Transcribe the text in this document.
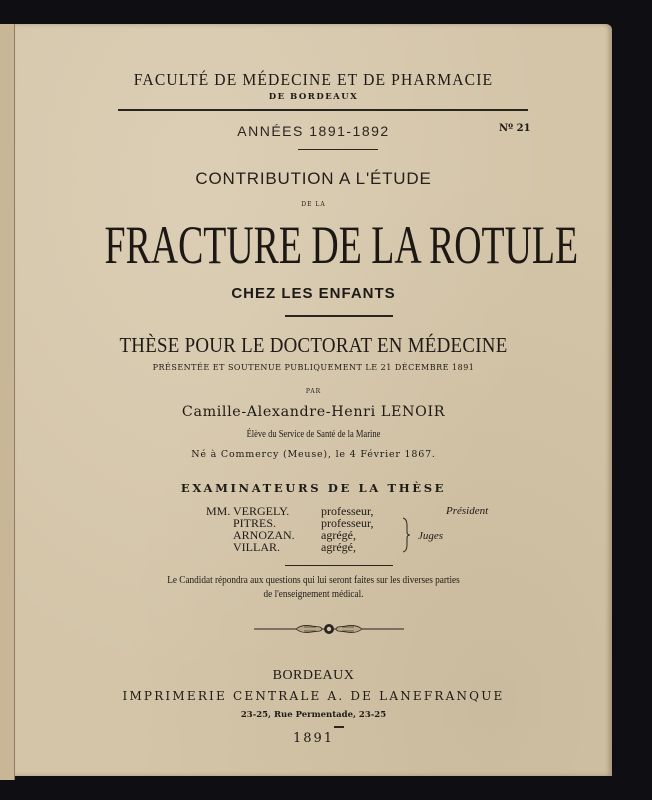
FACULTÉ DE MÉDECINE ET DE PHARMACIE
DE BORDEAUX
ANNÉES 1891-1892	Nº 21
CONTRIBUTION A L'ÉTUDE
DE LA
FRACTURE DE LA ROTULE
CHEZ LES ENFANTS
THÈSE POUR LE DOCTORAT EN MÉDECINE
PRÉSENTÉE ET SOUTENUE PUBLIQUEMENT LE 21 DÉCEMBRE 1891
PAR
Camille-Alexandre-Henri LENOIR
Élève du Service de Santé de la Marine
Né à Commercy (Meuse), le 4 Février 1867.
EXAMINATEURS DE LA THÈSE
MM. VERGELY.	professeur,	Président
PITRES.	professeur,
ARNOZAN. agrégé,
VILLAR.	agrégé,
Juges
Le Candidat répondra aux questions qui lui seront faites sur les diverses parties
de l'enseignement médical.
BORDEAUX
IMPRIMERIE CENTRALE A. DE LANEFRANQUE
23-25, Rue Permentade, 23-25
1891
